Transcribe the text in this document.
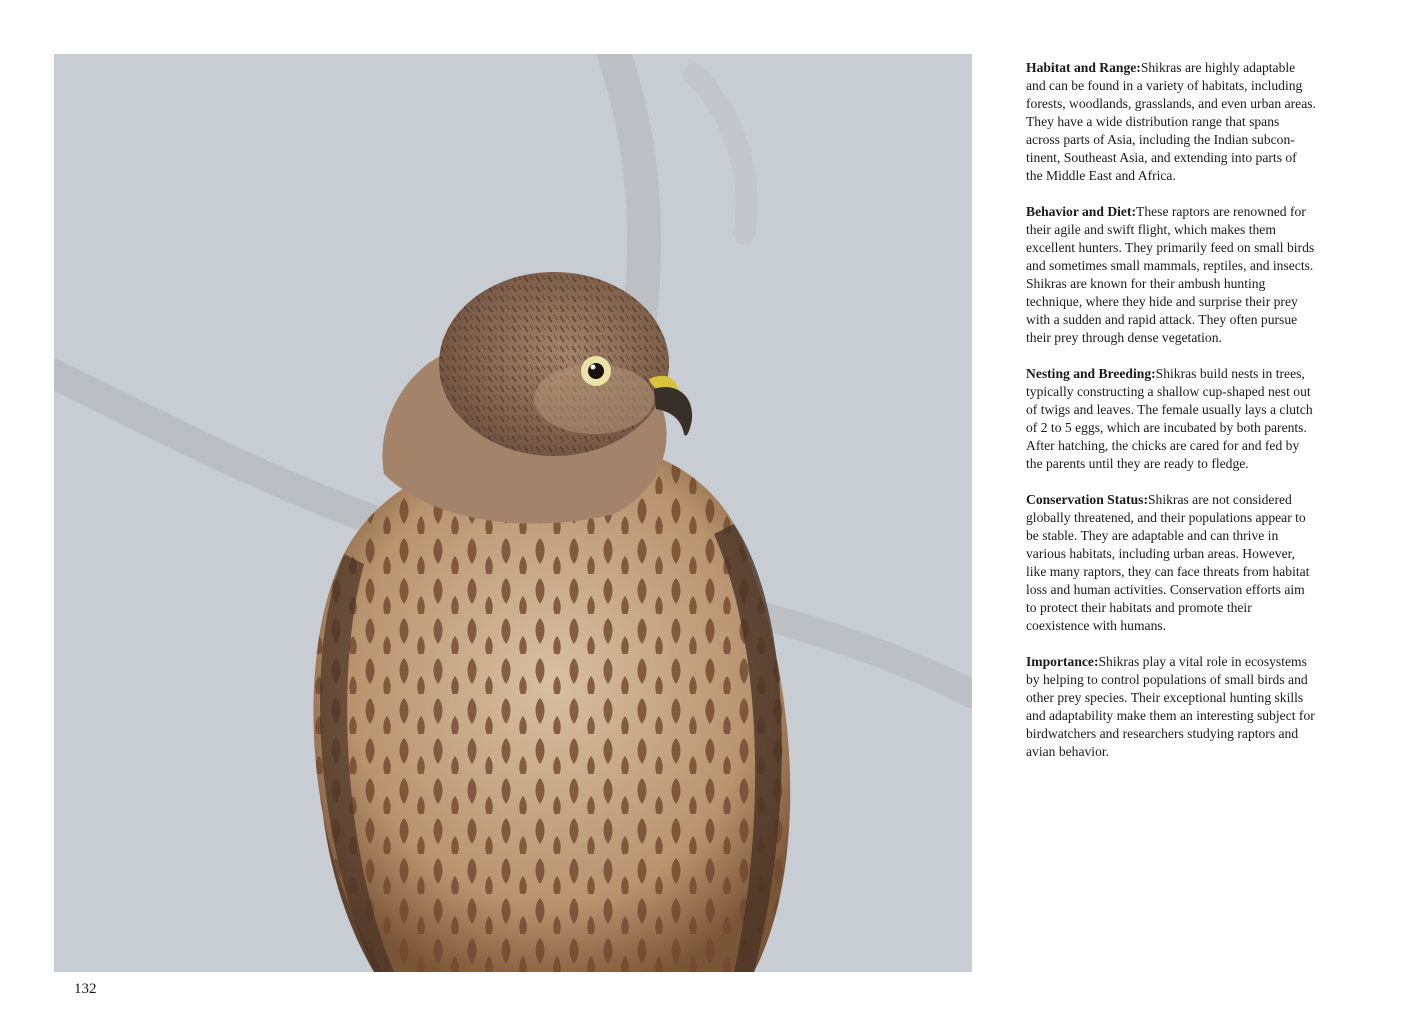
Habitat and Range:Shikras are highly adaptable and can be found in a variety of habitats, including forests, woodlands, grasslands, and even urban areas. They have a wide distribution range that spans across parts of Asia, including the Indian subcontinent, Southeast Asia, and extending into parts of the Middle East and Africa.

Behavior and Diet:These raptors are renowned for their agile and swift flight, which makes them excellent hunters. They primarily feed on small birds and sometimes small mammals, reptiles, and insects. Shikras are known for their ambush hunting technique, where they hide and surprise their prey with a sudden and rapid attack. They often pursue their prey through dense vegetation.

Nesting and Breeding:Shikras build nests in trees, typically constructing a shallow cup-shaped nest out of twigs and leaves. The female usually lays a clutch of 2 to 5 eggs, which are incubated by both parents. After hatching, the chicks are cared for and fed by the parents until they are ready to fledge.

Conservation Status:Shikras are not considered globally threatened, and their populations appear to be stable. They are adaptable and can thrive in various habitats, including urban areas. However, like many raptors, they can face threats from habitat loss and human activities. Conservation efforts aim to protect their habitats and promote their coexistence with humans.

Importance:Shikras play a vital role in ecosystems by helping to control populations of small birds and other prey species. Their exceptional hunting skills and adaptability make them an interesting subject for birdwatchers and researchers studying raptors and avian behavior.

132
